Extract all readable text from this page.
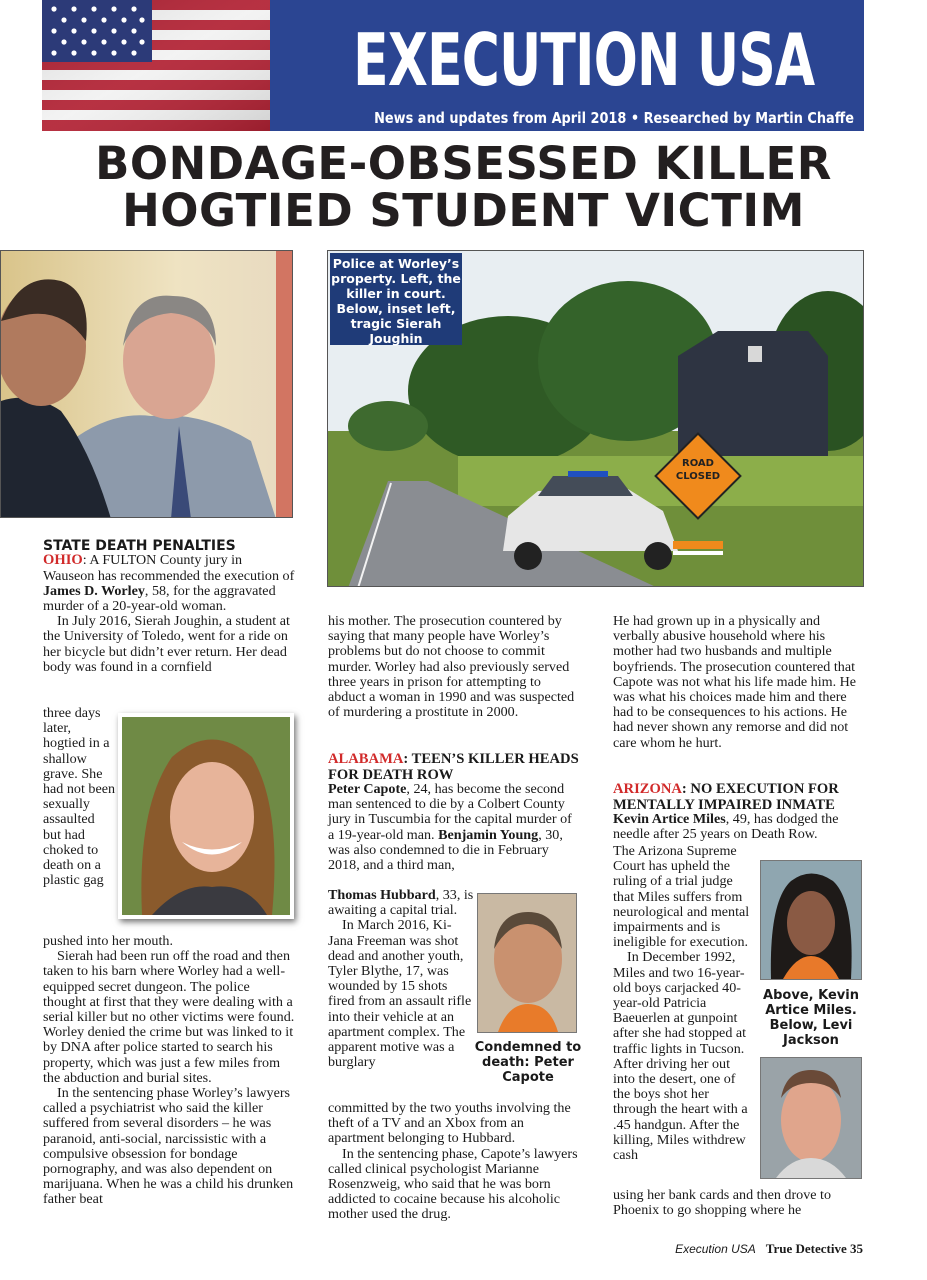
EXECUTION USA
News and updates from April 2018 • Researched by Martin Chaffe
BONDAGE-OBSESSED KILLER
HOGTIED STUDENT VICTIM
ROAD
CLOSED
Police at Worley’s property. Left, the killer in court. Below, inset left, tragic Sierah Joughin
STATE DEATH PENALTIES

OHIO: A FULTON County jury in Wauseon has recommended the execution of James D. Worley, 58, for the aggravated murder of a 20-year-old woman.

In July 2016, Sierah Joughin, a student at the University of Toledo, went for a ride on her bicycle but didn’t ever return. Her dead body was found in a cornfield

three days later, hogtied in a shallow grave. She had not been sexually assaulted but had choked to death on a plastic gag

pushed into her mouth.

Sierah had been run off the road and then taken to his barn where Worley had a well-equipped secret dungeon. The police thought at first that they were dealing with a serial killer but no other victims were found. Worley denied the crime but was linked to it by DNA after police started to search his property, which was just a few miles from the abduction and burial sites.

In the sentencing phase Worley’s lawyers called a psychiatrist who said the killer suffered from several disorders – he was paranoid, anti-social, narcissistic with a compulsive obsession for bondage pornography, and was also dependent on marijuana. When he was a child his drunken father beat

his mother. The prosecution countered by saying that many people have Worley’s problems but do not choose to commit murder. Worley had also previously served three years in prison for attempting to abduct a woman in 1990 and was suspected of murdering a prostitute in 2000.
ALABAMA: TEEN’S KILLER HEADS FOR DEATH ROW
Peter Capote, 24, has become the second man sentenced to die by a Colbert County jury in Tuscumbia for the capital murder of a 19-year-old man. Benjamin Young, 30, was also condemned to die in February 2018, and a third man,

Thomas Hubbard, 33, is awaiting a capital trial.

In March 2016, Ki-Jana Freeman was shot dead and another youth, Tyler Blythe, 17, was wounded by 15 shots fired from an assault rifle into their vehicle at an apartment complex. The apparent motive was a burglary

Condemned to death: Peter Capote

committed by the two youths involving the theft of a TV and an Xbox from an apartment belonging to Hubbard.

In the sentencing phase, Capote’s lawyers called clinical psychologist Marianne Rosenzweig, who said that he was born addicted to cocaine because his alcoholic mother used the drug.

He had grown up in a physically and verbally abusive household where his mother had two husbands and multiple boyfriends. The prosecution countered that Capote was not what his life made him. He was what his choices made him and there had to be consequences to his actions. He had never shown any remorse and did not care whom he hurt.
ARIZONA: NO EXECUTION FOR MENTALLY IMPAIRED INMATE
Kevin Artice Miles, 49, has dodged the needle after 25 years on Death Row.

The Arizona Supreme Court has upheld the ruling of a trial judge that Miles suffers from neurological and mental impairments and is ineligible for execution.

In December 1992, Miles and two 16-year-old boys carjacked 40-year-old Patricia Baeuerlen at gunpoint after she had stopped at traffic lights in Tucson. After driving her out into the desert, one of the boys shot her through the heart with a .45 handgun. After the killing, Miles withdrew cash

Above, Kevin Artice Miles. Below, Levi Jackson
using her bank cards and then drove to Phoenix to go shopping where he
Execution USA True Detective 35
